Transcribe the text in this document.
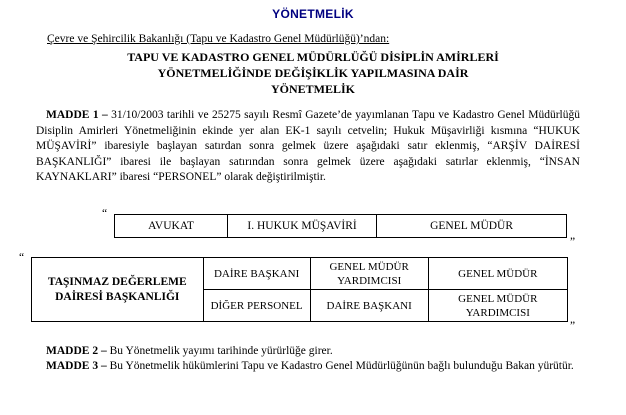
YÖNETMELİK
Çevre ve Şehircilik Bakanlığı (Tapu ve Kadastro Genel Müdürlüğü)’ndan:
TAPU VE KADASTRO GENEL MÜDÜRLÜĞÜ DİSİPLİN AMİRLERİ
YÖNETMELİĞİNDE DEĞİŞİKLİK YAPILMASINA DAİR
YÖNETMELİK
MADDE 1 – 31/10/2003 tarihli ve 25275 sayılı Resmî Gazete’de yayımlanan Tapu ve Kadastro Genel Müdürlüğü Disiplin Amirleri Yönetmeliğinin ekinde yer alan EK-1 sayılı cetvelin; Hukuk Müşavirliği kısmına “HUKUK MÜŞAVİRİ” ibaresiyle başlayan satırdan sonra gelmek üzere aşağıdaki satır eklenmiş, “ARŞİV DAİRESİ BAŞKANLIĞI” ibaresi ile başlayan satırından sonra gelmek üzere aşağıdaki satırlar eklenmiş, “İNSAN KAYNAKLARI” ibaresi “PERSONEL” olarak değiştirilmiştir.
“
AVUKAT	I. HUKUK MÜŞAVİRİ	GENEL MÜDÜR
”
“
TAŞINMAZ DEĞERLEME DAİRESİ BAŞKANLIĞI	DAİRE BAŞKANI	GENEL MÜDÜR YARDIMCISI	GENEL MÜDÜR
	DİĞER PERSONEL	DAİRE BAŞKANI	GENEL MÜDÜR YARDIMCISI
”
MADDE 2 – Bu Yönetmelik yayımı tarihinde yürürlüğe girer.
MADDE 3 – Bu Yönetmelik hükümlerini Tapu ve Kadastro Genel Müdürlüğünün bağlı bulunduğu Bakan yürütür.
